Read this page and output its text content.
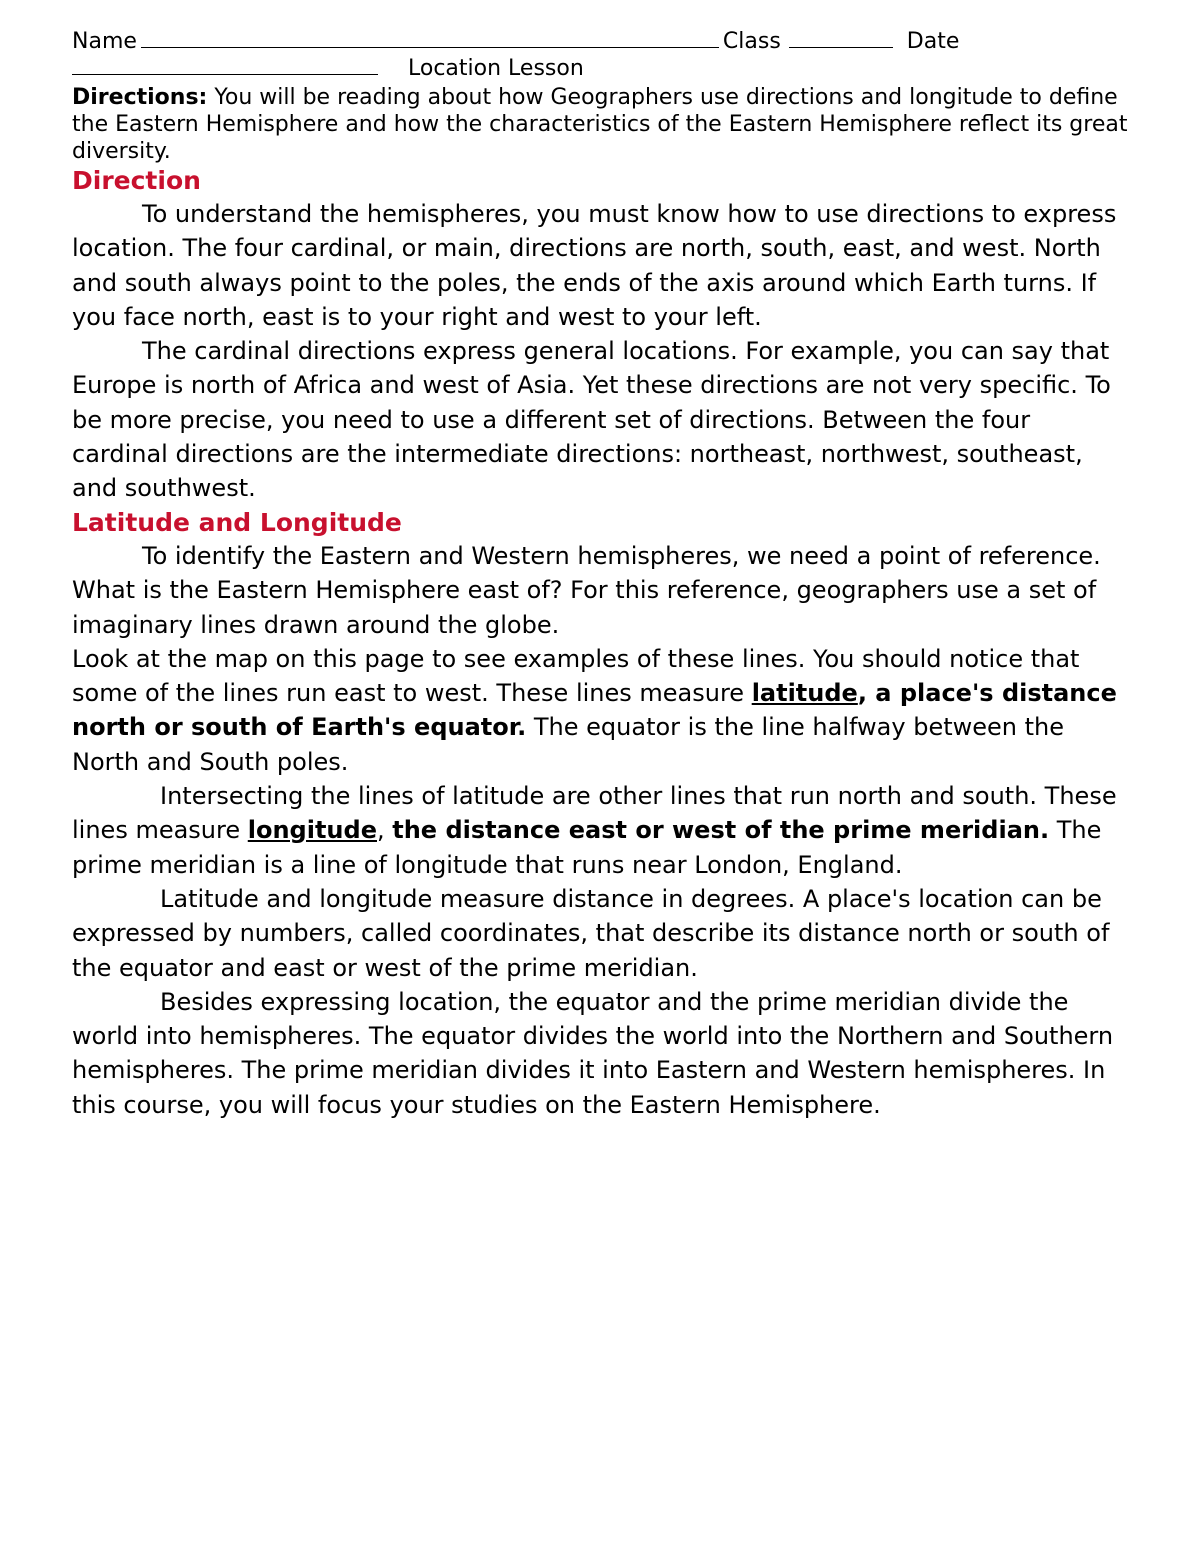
Name	Class	Date
Location Lesson
Directions: You will be reading about how Geographers use directions and longitude to define the Eastern Hemisphere and how the characteristics of the Eastern Hemisphere reflect its great diversity.
Direction

To understand the hemispheres, you must know how to use directions to express location. The four cardinal, or main, directions are north, south, east, and west. North and south always point to the poles, the ends of the axis around which Earth turns. If you face north, east is to your right and west to your left.

The cardinal directions express general locations. For example, you can say that Europe is north of Africa and west of Asia. Yet these directions are not very specific. To be more precise, you need to use a different set of directions. Between the four cardinal directions are the intermediate directions: northeast, northwest, southeast, and southwest.

Latitude and Longitude

To identify the Eastern and Western hemispheres, we need a point of reference. What is the Eastern Hemisphere east of? For this reference, geographers use a set of imaginary lines drawn around the globe.

Look at the map on this page to see examples of these lines. You should notice that some of the lines run east to west. These lines measure latitude, a place's distance north or south of Earth's equator. The equator is the line halfway between the North and South poles.

Intersecting the lines of latitude are other lines that run north and south. These lines measure longitude, the distance east or west of the prime meridian. The prime meridian is a line of longitude that runs near London, England.

Latitude and longitude measure distance in degrees. A place's location can be expressed by numbers, called coordinates, that describe its distance north or south of the equator and east or west of the prime meridian.

Besides expressing location, the equator and the prime meridian divide the world into hemispheres. The equator divides the world into the Northern and Southern hemispheres. The prime meridian divides it into Eastern and Western hemispheres. In this course, you will focus your studies on the Eastern Hemisphere.
